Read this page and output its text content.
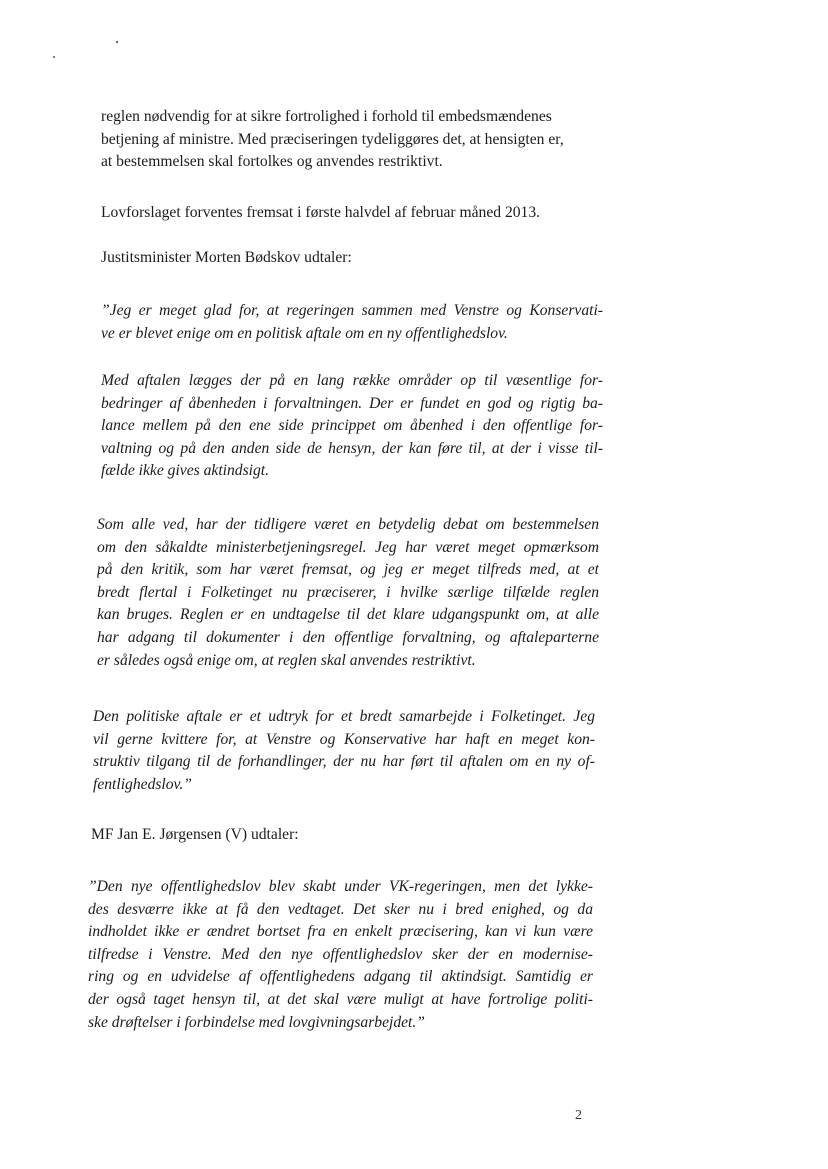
reglen nødvendig for at sikre fortrolighed i forhold til embedsmændenes
betjening af ministre. Med præciseringen tydeliggøres det, at hensigten er,
at bestemmelsen skal fortolkes og anvendes restriktivt.
Lovforslaget forventes fremsat i første halvdel af februar måned 2013.
Justitsminister Morten Bødskov udtaler:
”Jeg er meget glad for, at regeringen sammen med Venstre og Konservati-
ve er blevet enige om en politisk aftale om en ny offentlighedslov.
Med aftalen lægges der på en lang række områder op til væsentlige for-
bedringer af åbenheden i forvaltningen. Der er fundet en god og rigtig ba-
lance mellem på den ene side princippet om åbenhed i den offentlige for-
valtning og på den anden side de hensyn, der kan føre til, at der i visse til-
fælde ikke gives aktindsigt.
Som alle ved, har der tidligere været en betydelig debat om bestemmelsen
om den såkaldte ministerbetjeningsregel. Jeg har været meget opmærksom
på den kritik, som har været fremsat, og jeg er meget tilfreds med, at et
bredt flertal i Folketinget nu præciserer, i hvilke særlige tilfælde reglen
kan bruges. Reglen er en undtagelse til det klare udgangspunkt om, at alle
har adgang til dokumenter i den offentlige forvaltning, og aftaleparterne
er således også enige om, at reglen skal anvendes restriktivt.
Den politiske aftale er et udtryk for et bredt samarbejde i Folketinget. Jeg
vil gerne kvittere for, at Venstre og Konservative har haft en meget kon-
struktiv tilgang til de forhandlinger, der nu har ført til aftalen om en ny of-
fentlighedslov.”
MF Jan E. Jørgensen (V) udtaler:
”Den nye offentlighedslov blev skabt under VK-regeringen, men det lykke-
des desværre ikke at få den vedtaget. Det sker nu i bred enighed, og da
indholdet ikke er ændret bortset fra en enkelt præcisering, kan vi kun være
tilfredse i Venstre. Med den nye offentlighedslov sker der en modernise-
ring og en udvidelse af offentlighedens adgang til aktindsigt. Samtidig er
der også taget hensyn til, at det skal være muligt at have fortrolige politi-
ske drøftelser i forbindelse med lovgivningsarbejdet.”
2
